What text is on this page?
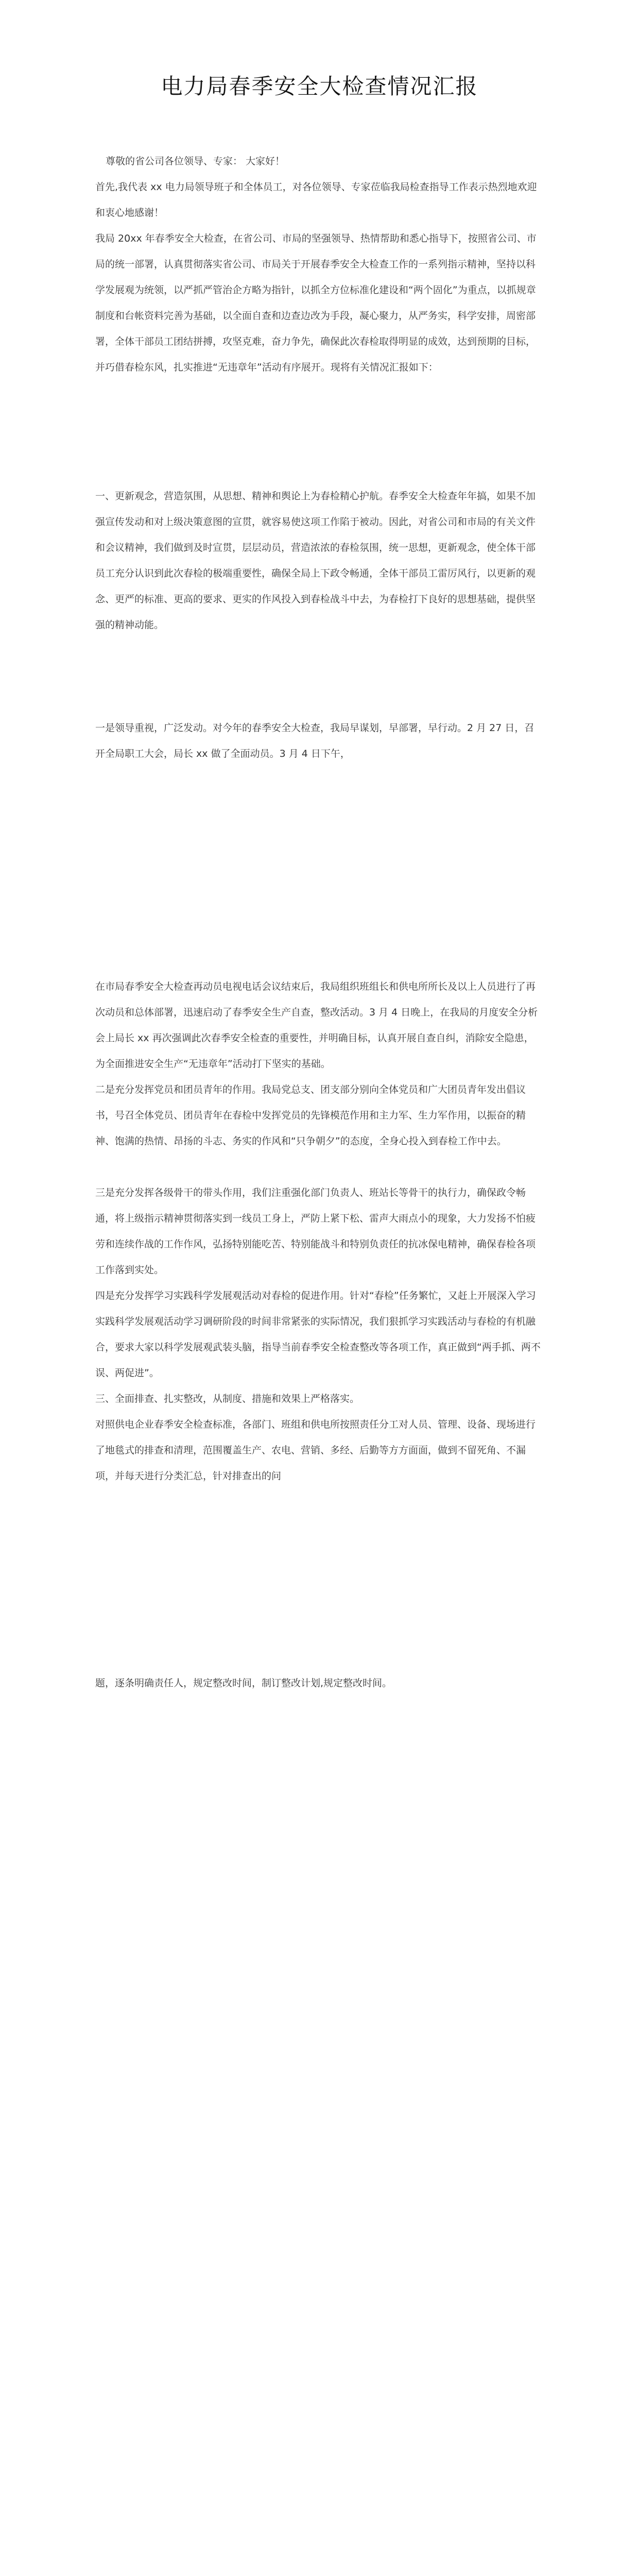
电力局春季安全大检查情况汇报

尊敬的省公司各位领导、专家： 大家好！

首先,我代表 xx 电力局领导班子和全体员工，对各位领导、专家莅临我局检查指导工作表示热烈地欢迎和衷心地感谢！

我局 20xx 年春季安全大检查，在省公司、市局的坚强领导、热情帮助和悉心指导下，按照省公司、市局的统一部署，认真贯彻落实省公司、市局关于开展春季安全大检查工作的一系列指示精神，坚持以科学发展观为统领，以严抓严管治企方略为指针，以抓全方位标准化建设和“两个固化”为重点，以抓规章制度和台帐资料完善为基础，以全面自查和边查边改为手段，凝心聚力，从严务实，科学安排，周密部署，全体干部员工团结拼搏，攻坚克难，奋力争先，确保此次春检取得明显的成效，达到预期的目标，并巧借春检东风，扎实推进“无违章年”活动有序展开。现将有关情况汇报如下：

一、更新观念，营造氛围，从思想、精神和舆论上为春检精心护航。春季安全大检查年年搞，如果不加强宣传发动和对上级决策意图的宣贯，就容易使这项工作陷于被动。因此，对省公司和市局的有关文件和会议精神，我们做到及时宣贯，层层动员，营造浓浓的春检氛围，统一思想，更新观念，使全体干部员工充分认识到此次春检的极端重要性，确保全局上下政令畅通，全体干部员工雷厉风行，以更新的观念、更严的标准、更高的要求、更实的作风投入到春检战斗中去，为春检打下良好的思想基础，提供坚强的精神动能。

一是领导重视，广泛发动。对今年的春季安全大检查，我局早谋划，早部署，早行动。2 月 27 日，召开全局职工大会，局长 xx 做了全面动员。3 月 4 日下午，

在市局春季安全大检查再动员电视电话会议结束后，我局组织班组长和供电所所长及以上人员进行了再次动员和总体部署，迅速启动了春季安全生产自查，整改活动。3 月 4 日晚上，在我局的月度安全分析会上局长 xx 再次强调此次春季安全检查的重要性，并明确目标，认真开展自查自纠，消除安全隐患，为全面推进安全生产“无违章年”活动打下坚实的基础。

二是充分发挥党员和团员青年的作用。我局党总支、团支部分别向全体党员和广大团员青年发出倡议书，号召全体党员、团员青年在春检中发挥党员的先锋模范作用和主力军、生力军作用，以振奋的精神、饱满的热情、昂扬的斗志、务实的作风和“只争朝夕”的态度，全身心投入到春检工作中去。

三是充分发挥各级骨干的带头作用，我们注重强化部门负责人、班站长等骨干的执行力，确保政令畅通，将上级指示精神贯彻落实到一线员工身上，严防上紧下松、雷声大雨点小的现象，大力发扬不怕疲劳和连续作战的工作作风，弘扬特别能吃苦、特别能战斗和特别负责任的抗冰保电精神，确保春检各项工作落到实处。

四是充分发挥学习实践科学发展观活动对春检的促进作用。针对“春检”任务繁忙，又赶上开展深入学习实践科学发展观活动学习调研阶段的时间非常紧张的实际情况，我们狠抓学习实践活动与春检的有机融合，要求大家以科学发展观武装头脑，指导当前春季安全检查整改等各项工作，真正做到“两手抓、两不误、两促进”。

三、全面排查、扎实整改，从制度、措施和效果上严格落实。

对照供电企业春季安全检查标准，各部门、班组和供电所按照责任分工对人员、管理、设备、现场进行了地毯式的排查和清理，范围覆盖生产、农电、营销、多经、后勤等方方面面，做到不留死角、不漏项，并每天进行分类汇总，针对排查出的问

题，逐条明确责任人，规定整改时间，制订整改计划,规定整改时间。
